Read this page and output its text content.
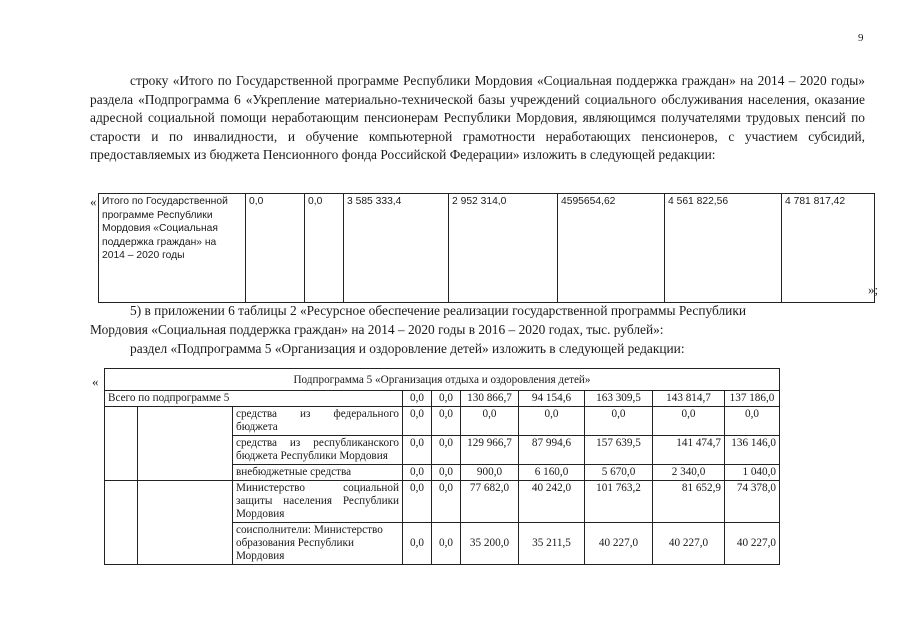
9
строку «Итого по Государственной программе Республики Мордовия «Социальная поддержка граждан» на 2014 – 2020 годы» раздела «Подпрограмма 6 «Укрепление материально-технической базы учреждений социального обслуживания населения, оказание адресной социальной помощи неработающим пенсионерам Республики Мордовия, являющимся получателями трудовых пенсий по старости и по инвалидности, и обучение компьютерной грамотности неработающих пенсионеров, с участием субсидий, предоставляемых из бюджета Пенсионного фонда Российской Федерации» изложить в следующей редакции:
« Итого по Государственной программе Республики Мордовия «Социальная поддержка граждан» на 2014 – 2020 годы	0,0	0,0	3 585 333,4	2 952 314,0	4595654,62	4 561 822,56	4 781 817,42
»;
5) в приложении 6 таблицы 2 «Ресурсное обеспечение реализации государственной программы Республики
Мордовия «Социальная поддержка граждан» на 2014 – 2020 годы в 2016 – 2020 годах, тыс. рублей»:
раздел «Подпрограмма 5 «Организация и оздоровление детей» изложить в следующей редакции:
«	Подпрограмма 5 «Организация отдыха и оздоровления детей»									
Всего по подпрограмме 5			0,0	0,0	130 866,7	94 154,6	163 309,5	143 814,7	137 186,0
		средства из федерального бюджета	0,0	0,0	0,0	0,0	0,0	0,0	0,0
		средства из республиканского бюджета Республики Мордовия	0,0	0,0	129 966,7	87 994,6	157 639,5	141 474,7	136 146,0
		внебюджетные средства	0,0	0,0	900,0	6 160,0	5 670,0	2 340,0	1 040,0
		Министерство социальной защиты населения Республики Мордовия	0,0	0,0	77 682,0	40 242,0	101 763,2	81 652,9	74 378,0
		соисполнители: Министерство образования Республики Мордовия	0,0	0,0	35 200,0	35 211,5	40 227,0	40 227,0	40 227,0
